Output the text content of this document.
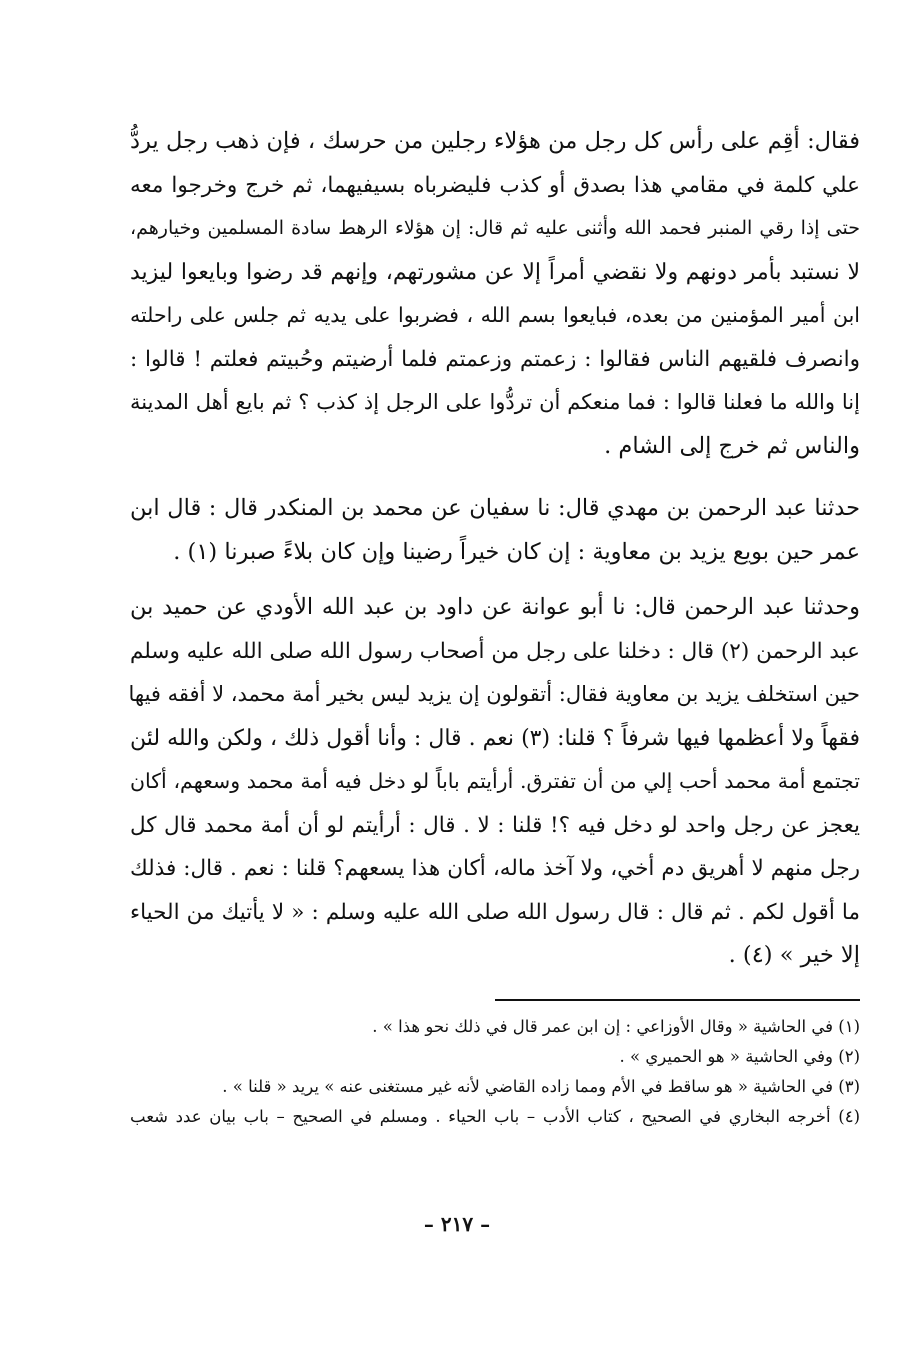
فقال: أقِم على رأس كل رجل من هؤلاء رجلين من حرسك ، فإن ذهب رجل يردُّ
علي كلمة في مقامي هذا بصدق أو كذب فليضرباه بسيفيهما، ثم خرج وخرجوا معه
حتى إذا رقي المنبر فحمد الله وأثنى عليه ثم قال: إن هؤلاء الرهط سادة المسلمين وخيارهم،
لا نستبد بأمر دونهم ولا نقضي أمراً إلا عن مشورتهم، وإنهم قد رضوا وبايعوا ليزيد
ابن أمير المؤمنين من بعده، فبايعوا بسم الله ، فضربوا على يديه ثم جلس على راحلته
وانصرف فلقيهم الناس فقالوا : زعمتم وزعمتم فلما أرضيتم وحُبيتم فعلتم ! قالوا :
إنا والله ما فعلنا قالوا : فما منعكم أن تردُّوا على الرجل إذ كذب ؟ ثم بايع أهل المدينة
والناس ثم خرج إلى الشام .
حدثنا عبد الرحمن بن مهدي قال: نا سفيان عن محمد بن المنكدر قال : قال ابن
عمر حين بويع يزيد بن معاوية : إن كان خيراً رضينا وإن كان بلاءً صبرنا (١) .
وحدثنا عبد الرحمن قال: نا أبو عوانة عن داود بن عبد الله الأودي عن حميد بن
عبد الرحمن (٢) قال : دخلنا على رجل من أصحاب رسول الله صلى الله عليه وسلم
حين استخلف يزيد بن معاوية فقال: أتقولون إن يزيد ليس بخير أمة محمد، لا أفقه فيها
فقهاً ولا أعظمها فيها شرفاً ؟ قلنا: (٣) نعم . قال : وأنا أقول ذلك ، ولكن والله لئن
تجتمع أمة محمد أحب إلي من أن تفترق. أرأيتم باباً لو دخل فيه أمة محمد وسعهم، أكان
يعجز عن رجل واحد لو دخل فيه ؟! قلنا : لا . قال : أرأيتم لو أن أمة محمد قال كل
رجل منهم لا أهريق دم أخي، ولا آخذ ماله، أكان هذا يسعهم؟ قلنا : نعم . قال: فذلك
ما أقول لكم . ثم قال : قال رسول الله صلى الله عليه وسلم : « لا يأتيك من الحياء
إلا خير » (٤) .
(١) في الحاشية « وقال الأوزاعي : إن ابن عمر قال في ذلك نحو هذا » .
(٢) وفي الحاشية « هو الحميري » .
(٣) في الحاشية « هو ساقط في الأم ومما زاده القاضي لأنه غير مستغنى عنه » يريد « قلنا » .
(٤) أخرجه البخاري في الصحيح ، كتاب الأدب – باب الحياء . ومسلم في الصحيح – باب بيان عدد شعب
– ٢١٧ –
